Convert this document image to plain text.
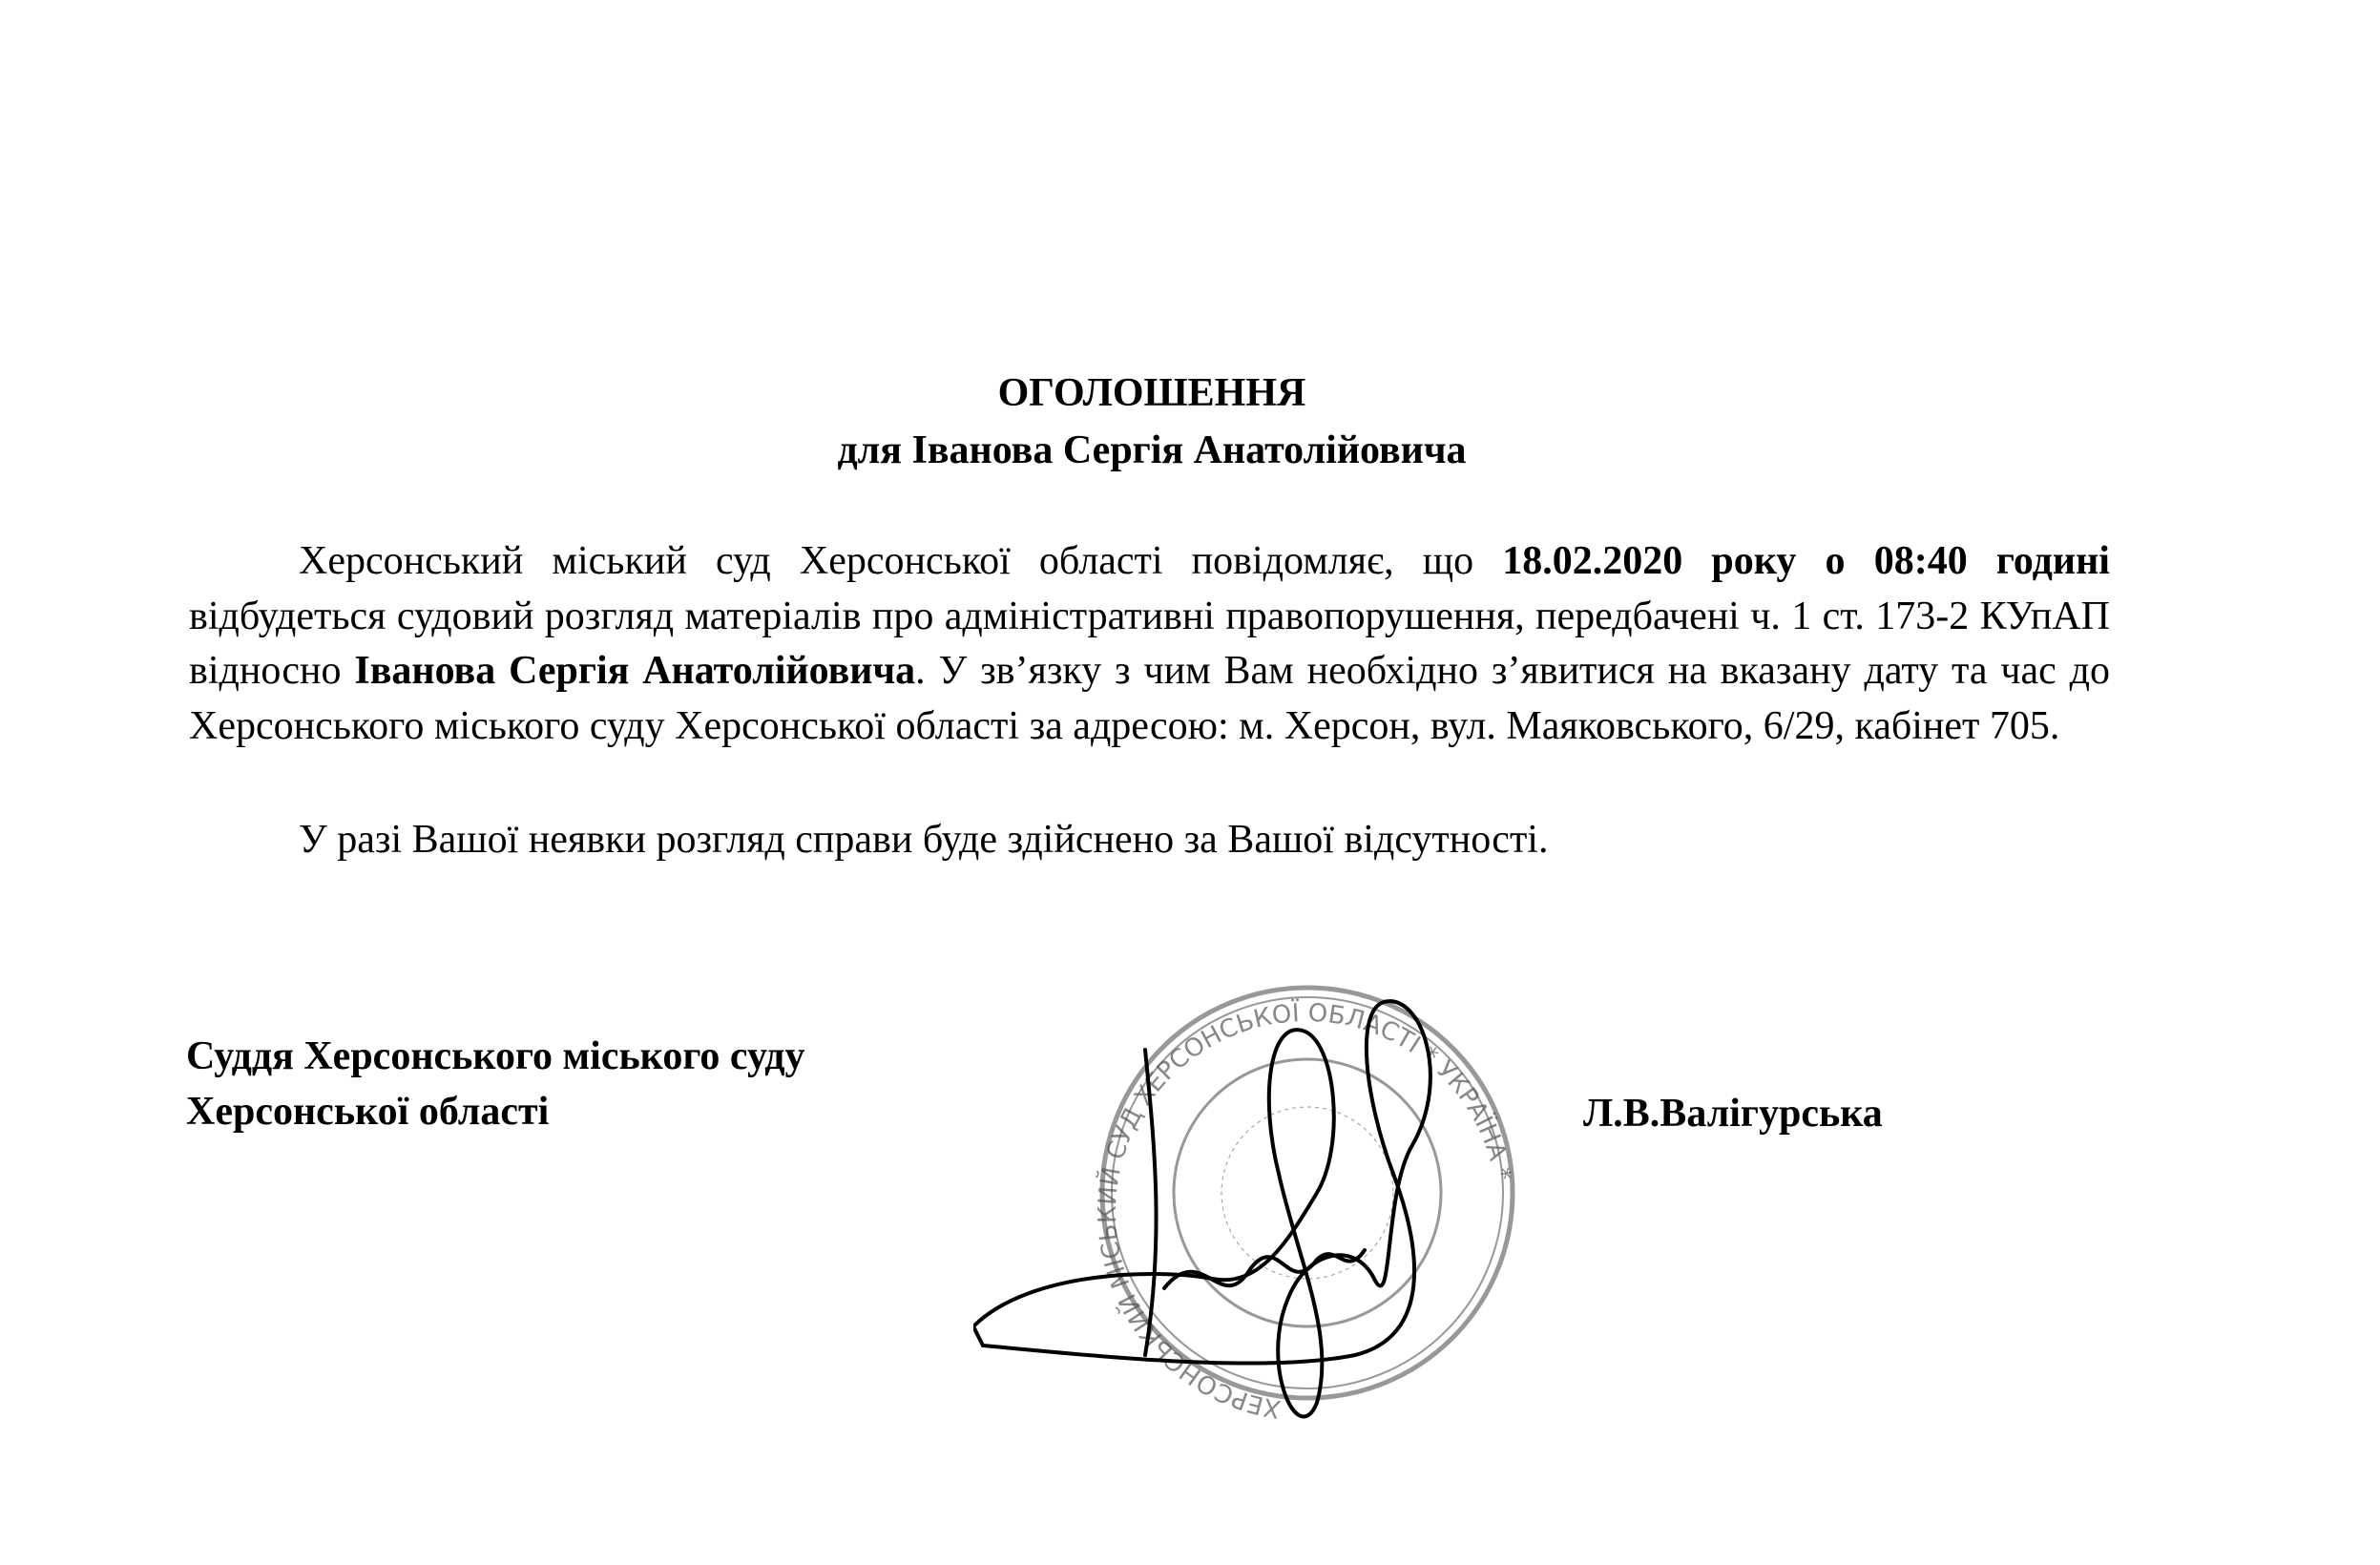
ОГОЛОШЕННЯ
для Іванова Сергія Анатолійовича
Херсонський міський суд Херсонської області повідомляє, що 18.02.2020 року о 08:40 годині відбудеться судовий розгляд матеріалів про адміністративні правопорушення, передбачені ч. 1 ст. 173-2 КУпАП відносно Іванова Сергія Анатолійовича. У зв’язку з чим Вам необхідно з’явитися на вказану дату та час до Херсонського міського суду Херсонської області за адресою: м. Херсон, вул. Маяковського, 6/29, кабінет 705.
У разі Вашої неявки розгляд справи буде здійснено за Вашої відсутності.
Суддя Херсонського міського суду
Херсонської області
ХЕРСОНСЬКИЙ МІСЬКИЙ СУД ХЕРСОНСЬКОЇ ОБЛАСТІ * УКРАЇНА *
Л.В.Валігурська
